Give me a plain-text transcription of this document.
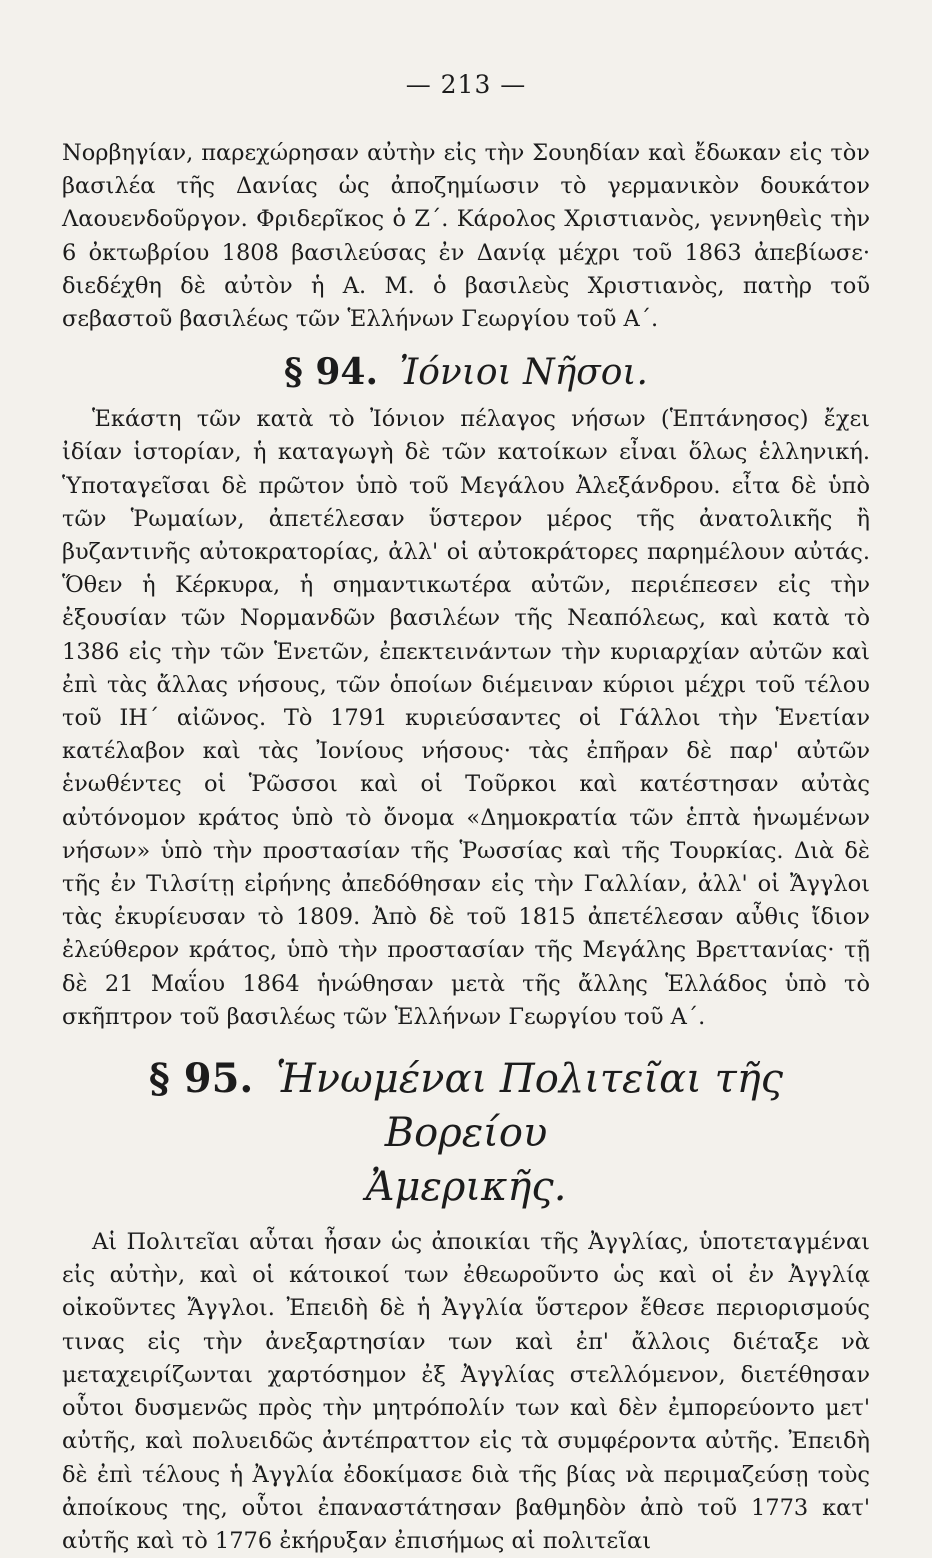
— 213 —

Νορβηγίαν, παρεχώρησαν αὐτὴν εἰς τὴν Σουηδίαν καὶ ἔδωκαν εἰς τὸν βασιλέα τῆς Δανίας ὡς ἀποζημίωσιν τὸ γερμανικὸν δουκάτον Λαουενδοῦργον. Φριδερῖκος ὁ Ζ΄. Κάρολος Χριστιανὸς, γεννηθεὶς τὴν 6 ὀκτωβρίου 1808 βασιλεύσας ἐν Δανίᾳ μέχρι τοῦ 1863 ἀπεβίωσε· διεδέχθη δὲ αὐτὸν ἡ Α. Μ. ὁ βασιλεὺς Χριστιανὸς, πατὴρ τοῦ σεβαστοῦ βασιλέως τῶν Ἑλλήνων Γεωργίου τοῦ Α΄.

§ 94. Ἰόνιοι Νῆσοι.

Ἑκάστη τῶν κατὰ τὸ Ἰόνιον πέλαγος νήσων (Ἑπτάνησος) ἔχει ἰδίαν ἱστορίαν, ἡ καταγωγὴ δὲ τῶν κατοίκων εἶναι ὅλως ἑλληνική. Ὑποταγεῖσαι δὲ πρῶτον ὑπὸ τοῦ Μεγάλου Ἀλεξάνδρου. εἶτα δὲ ὑπὸ τῶν Ῥωμαίων, ἀπετέλεσαν ὕστερον μέρος τῆς ἀνατολικῆς ἢ βυζαντινῆς αὐτοκρατορίας, ἀλλ' οἱ αὐτοκράτορες παρημέλουν αὐτάς. Ὅθεν ἡ Κέρκυρα, ἡ σημαντικωτέρα αὐτῶν, περιέπεσεν εἰς τὴν ἐξουσίαν τῶν Νορμανδῶν βασιλέων τῆς Νεαπόλεως, καὶ κατὰ τὸ 1386 εἰς τὴν τῶν Ἑνετῶν, ἐπεκτεινάντων τὴν κυριαρχίαν αὐτῶν καὶ ἐπὶ τὰς ἄλλας νήσους, τῶν ὁποίων διέμειναν κύριοι μέχρι τοῦ τέλου τοῦ ΙΗ΄ αἰῶνος. Τὸ 1791 κυριεύσαντες οἱ Γάλλοι τὴν Ἑνετίαν κατέλαβον καὶ τὰς Ἰονίους νήσους· τὰς ἐπῆραν δὲ παρ' αὐτῶν ἑνωθέντες οἱ Ῥῶσσοι καὶ οἱ Τοῦρκοι καὶ κατέστησαν αὐτὰς αὐτόνομον κράτος ὑπὸ τὸ ὄνομα «Δημοκρατία τῶν ἑπτὰ ἡνωμένων νήσων» ὑπὸ τὴν προστασίαν τῆς Ῥωσσίας καὶ τῆς Τουρκίας. Διὰ δὲ τῆς ἐν Τιλσίτῃ εἰρήνης ἀπεδόθησαν εἰς τὴν Γαλλίαν, ἀλλ' οἱ Ἄγγλοι τὰς ἐκυρίευσαν τὸ 1809. Ἀπὸ δὲ τοῦ 1815 ἀπετέλεσαν αὖθις ἴδιον ἐλεύθερον κράτος, ὑπὸ τὴν προστασίαν τῆς Μεγάλης Βρεττανίας· τῇ δὲ 21 Μαΐου 1864 ἡνώθησαν μετὰ τῆς ἄλλης Ἑλλάδος ὑπὸ τὸ σκῆπτρον τοῦ βασιλέως τῶν Ἑλλήνων Γεωργίου τοῦ Α΄.

§ 95. Ἡνωμέναι Πολιτεῖαι τῆς Βορείου
Ἀμερικῆς.

Αἱ Πολιτεῖαι αὗται ἦσαν ὡς ἀποικίαι τῆς Ἀγγλίας, ὑποτεταγμέναι εἰς αὐτὴν, καὶ οἱ κάτοικοί των ἐθεωροῦντο ὡς καὶ οἱ ἐν Ἀγγλίᾳ οἰκοῦντες Ἄγγλοι. Ἐπειδὴ δὲ ἡ Ἀγγλία ὕστερον ἔθεσε περιορισμούς τινας εἰς τὴν ἀνεξαρτησίαν των καὶ ἐπ' ἄλλοις διέταξε νὰ μεταχειρίζωνται χαρτόσημον ἐξ Ἀγγλίας στελλόμενον, διετέθησαν οὗτοι δυσμενῶς πρὸς τὴν μητρόπολίν των καὶ δὲν ἐμπορεύοντο μετ' αὐτῆς, καὶ πολυειδῶς ἀντέπραττον εἰς τὰ συμφέροντα αὐτῆς. Ἐπειδὴ δὲ ἐπὶ τέλους ἡ Ἀγγλία ἐδοκίμασε διὰ τῆς βίας νὰ περιμαζεύσῃ τοὺς ἀποίκους της, οὗτοι ἐπαναστάτησαν βαθμηδὸν ἀπὸ τοῦ 1773 κατ' αὐτῆς καὶ τὸ 1776 ἐκήρυξαν ἐπισήμως αἱ πολιτεῖαι
